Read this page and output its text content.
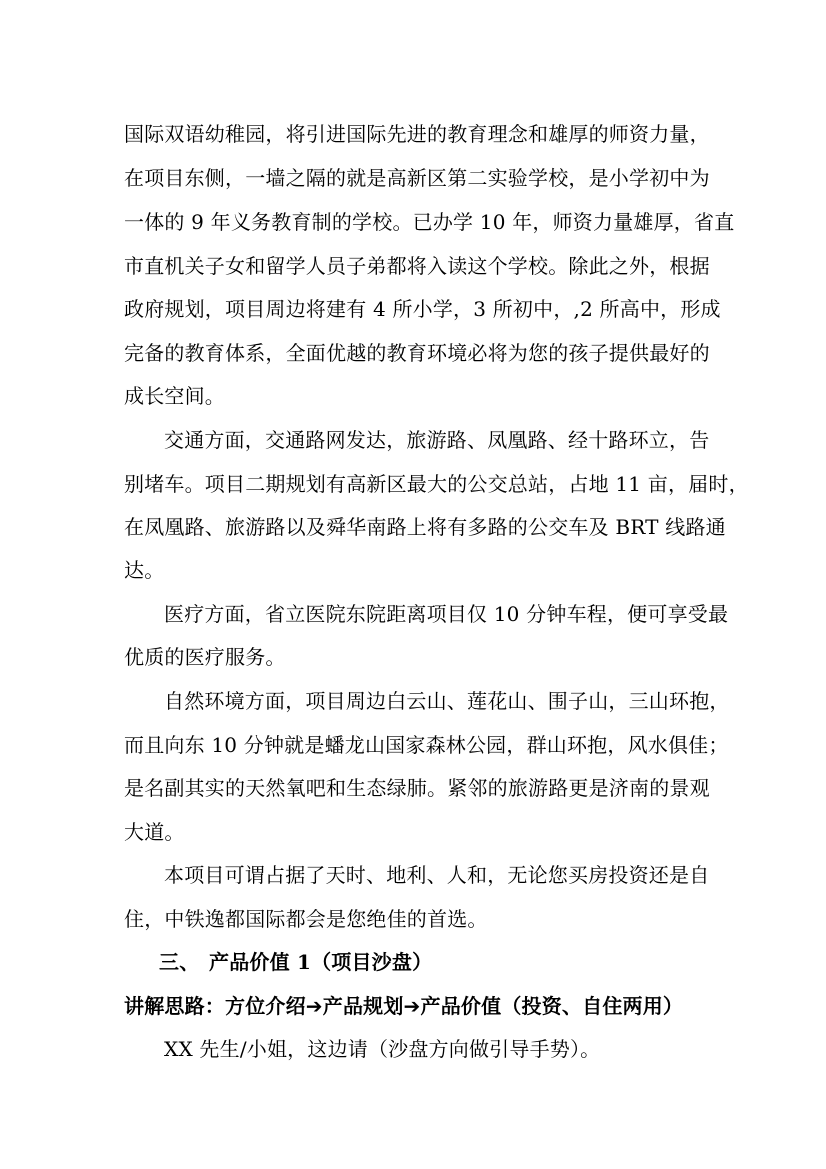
国际双语幼稚园，将引进国际先进的教育理念和雄厚的师资力量，
在项目东侧，一墙之隔的就是高新区第二实验学校，是小学初中为
一体的 9 年义务教育制的学校。已办学 10 年，师资力量雄厚，省直
市直机关子女和留学人员子弟都将入读这个学校。除此之外，根据
政府规划，项目周边将建有 4 所小学，3 所初中，,2 所高中，形成
完备的教育体系，全面优越的教育环境必将为您的孩子提供最好的
成长空间。
交通方面，交通路网发达，旅游路、凤凰路、经十路环立，告
别堵车。项目二期规划有高新区最大的公交总站，占地 11 亩，届时，
在凤凰路、旅游路以及舜华南路上将有多路的公交车及 BRT 线路通
达。
医疗方面，省立医院东院距离项目仅 10 分钟车程，便可享受最
优质的医疗服务。
自然环境方面，项目周边白云山、莲花山、围子山，三山环抱，
而且向东 10 分钟就是蟠龙山国家森林公园，群山环抱，风水俱佳；
是名副其实的天然氧吧和生态绿肺。紧邻的旅游路更是济南的景观
大道。
本项目可谓占据了天时、地利、人和，无论您买房投资还是自
住，中铁逸都国际都会是您绝佳的首选。
三、 产品价值 1（项目沙盘）
讲解思路：方位介绍➔产品规划➔产品价值（投资、自住两用）
XX 先生/小姐，这边请（沙盘方向做引导手势）。
